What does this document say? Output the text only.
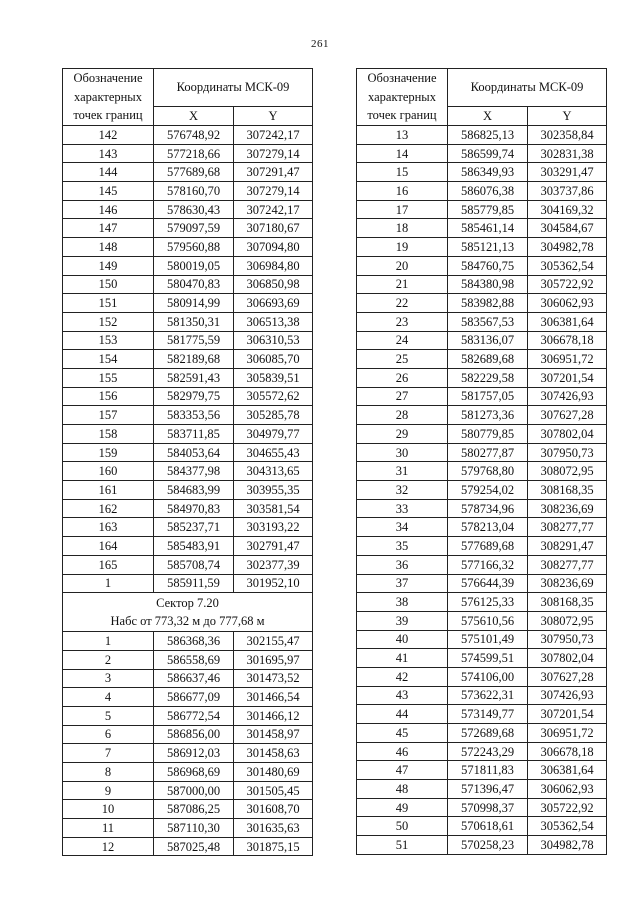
261
Обозначение характерных точек границ	Координаты МСК-09	
	X	Y
142	576748,92	307242,17
143	577218,66	307279,14
144	577689,68	307291,47
145	578160,70	307279,14
146	578630,43	307242,17
147	579097,59	307180,67
148	579560,88	307094,80
149	580019,05	306984,80
150	580470,83	306850,98
151	580914,99	306693,69
152	581350,31	306513,38
153	581775,59	306310,53
154	582189,68	306085,70
155	582591,43	305839,51
156	582979,75	305572,62
157	583353,56	305285,78
158	583711,85	304979,77
159	584053,64	304655,43
160	584377,98	304313,65
161	584683,99	303955,35
162	584970,83	303581,54
163	585237,71	303193,22
164	585483,91	302791,47
165	585708,74	302377,39
1	585911,59	301952,10

Сектор 7.20
Набс от 773,32 м до 777,68 м		

1	586368,36	302155,47
2	586558,69	301695,97
3	586637,46	301473,52
4	586677,09	301466,54
5	586772,54	301466,12
6	586856,00	301458,97
7	586912,03	301458,63
8	586968,69	301480,69
9	587000,00	301505,45
10	587086,25	301608,70
11	587110,30	301635,63
12	587025,48	301875,15
Обозначение характерных точек границ	Координаты МСК-09	
	X	Y
13	586825,13	302358,84
14	586599,74	302831,38
15	586349,93	303291,47
16	586076,38	303737,86
17	585779,85	304169,32
18	585461,14	304584,67
19	585121,13	304982,78
20	584760,75	305362,54
21	584380,98	305722,92
22	583982,88	306062,93
23	583567,53	306381,64
24	583136,07	306678,18
25	582689,68	306951,72
26	582229,58	307201,54
27	581757,05	307426,93
28	581273,36	307627,28
29	580779,85	307802,04
30	580277,87	307950,73
31	579768,80	308072,95
32	579254,02	308168,35
33	578734,96	308236,69
34	578213,04	308277,77
35	577689,68	308291,47
36	577166,32	308277,77
37	576644,39	308236,69
38	576125,33	308168,35
39	575610,56	308072,95
40	575101,49	307950,73
41	574599,51	307802,04
42	574106,00	307627,28
43	573622,31	307426,93
44	573149,77	307201,54
45	572689,68	306951,72
46	572243,29	306678,18
47	571811,83	306381,64
48	571396,47	306062,93
49	570998,37	305722,92
50	570618,61	305362,54
51	570258,23	304982,78
